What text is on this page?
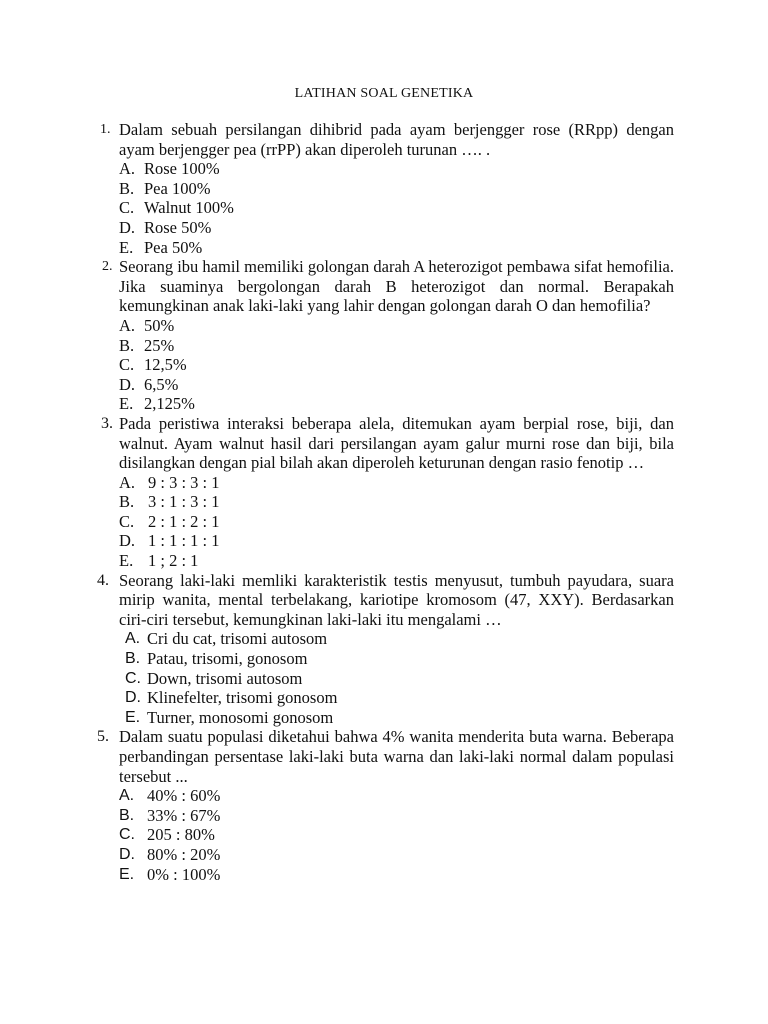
LATIHAN SOAL GENETIKA
1. Dalam sebuah persilangan dihibrid pada ayam berjengger rose (RRpp) dengan ayam berjengger pea (rrPP) akan diperoleh turunan …. .
A. Rose 100%
B. Pea 100%
C. Walnut 100%
D. Rose 50%
E. Pea 50%
2. Seorang ibu hamil memiliki golongan darah A heterozigot pembawa sifat hemofilia. Jika suaminya bergolongan darah B heterozigot dan normal. Berapakah kemungkinan anak laki-laki yang lahir dengan golongan darah O dan hemofilia?
A. 50%
B. 25%
C. 12,5%
D. 6,5%
E. 2,125%
3. Pada peristiwa interaksi beberapa alela, ditemukan ayam berpial rose, biji, dan walnut. Ayam walnut hasil dari persilangan ayam galur murni rose dan biji, bila disilangkan dengan pial bilah akan diperoleh keturunan dengan rasio fenotip …
A. 9 : 3 : 3 : 1
B. 3 : 1 : 3 : 1
C. 2 : 1 : 2 : 1
D. 1 : 1 : 1 : 1
E. 1 ; 2 : 1
4. Seorang laki-laki memliki karakteristik testis menyusut, tumbuh payudara, suara mirip wanita, mental terbelakang, kariotipe kromosom (47, XXY). Berdasarkan ciri-ciri tersebut, kemungkinan laki-laki itu mengalami …
A. Cri du cat, trisomi autosom
B. Patau, trisomi, gonosom
C. Down, trisomi autosom
D. Klinefelter, trisomi gonosom
E. Turner, monosomi gonosom
5. Dalam suatu populasi diketahui bahwa 4% wanita menderita buta warna. Beberapa perbandingan persentase laki-laki buta warna dan laki-laki normal dalam populasi tersebut ...
A. 40% : 60%
B. 33% : 67%
C. 205 : 80%
D. 80% : 20%
E. 0% : 100%
